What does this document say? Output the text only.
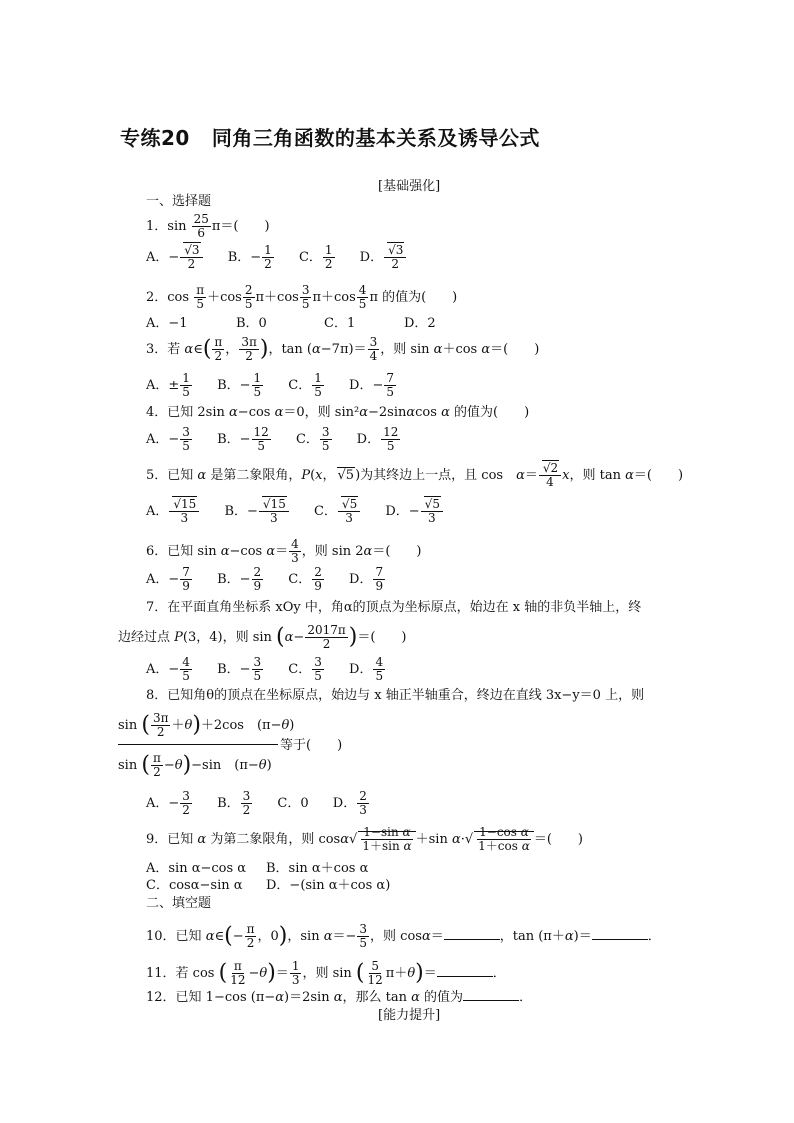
专练20 同角三角函数的基本关系及诱导公式
[基础强化]
一、选择题
1．$\sin \frac{25}{6} \pi=$(　　)
A．− $\frac{√3}{2}$ B．− $\frac{1}{2}$ C． $\frac{1}{2}$ D． $\frac{√3}{2}$
2．$\cos \frac{\pi}{5} +\cos \frac{2}{5} \pi+\cos \frac{3}{5} \pi+\cos \frac{4}{5}$ π 的值为(　　)
A．−1	B．0	C．1	D．2
3．若 α∈( $\frac{\pi}{2}$ ， $\frac{3\pi}{2}$ )，$\tan (\alpha-7\pi)= \frac{3}{4}$ ，则 sin α＋cos α＝(　　)
A．± $\frac{1}{5}$ B．− $\frac{1}{5}$ C． $\frac{1}{5}$ D．− $\frac{7}{5}$
4．已知 2sin α−cos α＝0，则 sin²α−2sinαcos α 的值为(　　)
A．− $\frac{3}{5}$ B．− $\frac{12}{5}$ C． $\frac{3}{5}$ D． $\frac{12}{5}$
5．已知 α 是第二象限角，P(x， √5)为其终边上一点，且 cos　$\alpha= \frac{√2}{4}$ x，则 tan α＝(　　)
A． $\frac{√15}{3}$ B．− $\frac{√15}{3}$ C． $\frac{√5}{3}$ D．− $\frac{√5}{3}$
6．已知 sin α−cos $\alpha= \frac{4}{3}$ ，则 sin 2α＝(　　)
A．− $\frac{7}{9}$ B．− $\frac{2}{9}$ C． $\frac{2}{9}$ D． $\frac{7}{9}$
7．在平面直角坐标系 xOy 中，角α的顶点为坐标原点，始边在 x 轴的非负半轴上，终
边经过点 P(3，4)，则 $\sin (\alpha- \frac{2017\pi}{2}$ )＝(　　)
A．− $\frac{4}{5}$ B．− $\frac{3}{5}$ C． $\frac{3}{5}$ D． $\frac{4}{5}$
8．已知角θ的顶点在坐标原点，始边与 x 轴正半轴重合，终边在直线 3x−y＝0 上，则
sin ( $\frac{3\pi}{2} +\theta)+2\cos$　(π−θ)
等于(　　)
sin ( $\frac{\pi}{2} -\theta)-\sin$　(π−θ)
A．− $\frac{3}{2}$ B． $\frac{3}{2}$ C．0 D． $\frac{2}{3}$
9．已知 α 为第二象限角，则 $\cos\alpha√ \frac{\text{1−sin α}}{\text{1＋sin α}} +\sin$ $\alpha\cdot√ \frac{\text{1−cos α}}{\text{1＋cos α}}$ ＝(　　)
A．sin α−cos α B．sin α＋cos α
C．cosα−sin α D．−(sin α＋cos α)
二、填空题
10．已知 α∈(− $\frac{\pi}{2}$ ，0)，$\sin \alpha=- \frac{3}{5}$ ，则 cosα＝	，tan (π＋α)＝	．
11．若 cos ( $\frac{\pi}{12} -\theta)= \frac{1}{3}$ ，则 sin ( $\frac{5}{12} \pi+\theta)=$	．
12．已知 1−cos (π−α)＝2sin α，那么 tan α 的值为	．
[能力提升]
